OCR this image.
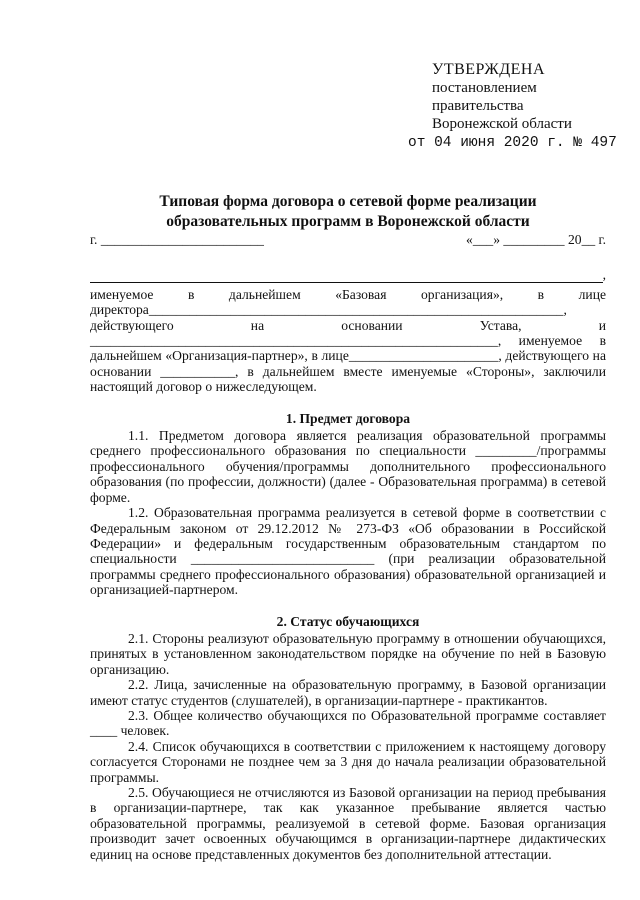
УТВЕРЖДЕНА
постановлением
правительства
Воронежской области
от 04 июня 2020 г. № 497
Типовая форма договора о сетевой форме реализации
образовательных программ в Воронежской области
г. ________________________	«___» _________ 20__ г.
,
именуемое в дальнейшем «Базовая организация», в лице
директора_____________________________________________________________,
действующего на основании Устава, и
____________________________________________________________, именуемое в
дальнейшем «Организация-партнер», в лице______________________, действующего на
основании ___________, в дальнейшем вместе именуемые «Стороны», заключили
настоящий договор о нижеследующем.
1. Предмет договора
1.1. Предметом договора является реализация образовательной программы среднего профессионального образования по специальности _________/программы профессионального обучения/программы дополнительного профессионального образования (по профессии, должности) (далее - Образовательная программа) в сетевой форме.
1.2. Образовательная программа реализуется в сетевой форме в соответствии с Федеральным законом от 29.12.2012 № 273-ФЗ «Об образовании в Российской Федерации» и федеральным государственным образовательным стандартом по специальности ___________________________ (при реализации образовательной программы среднего профессионального образования) образовательной организацией и организацией-партнером.
2. Статус обучающихся
2.1. Стороны реализуют образовательную программу в отношении обучающихся, принятых в установленном законодательством порядке на обучение по ней в Базовую организацию.
2.2. Лица, зачисленные на образовательную программу, в Базовой организации имеют статус студентов (слушателей), в организации-партнере - практикантов.
2.3. Общее количество обучающихся по Образовательной программе составляет ____ человек.
2.4. Список обучающихся в соответствии с приложением к настоящему договору согласуется Сторонами не позднее чем за 3 дня до начала реализации образовательной программы.
2.5. Обучающиеся не отчисляются из Базовой организации на период пребывания в организации-партнере, так как указанное пребывание является частью образовательной программы, реализуемой в сетевой форме. Базовая организация производит зачет освоенных обучающимся в организации-партнере дидактических единиц на основе представленных документов без дополнительной аттестации.
